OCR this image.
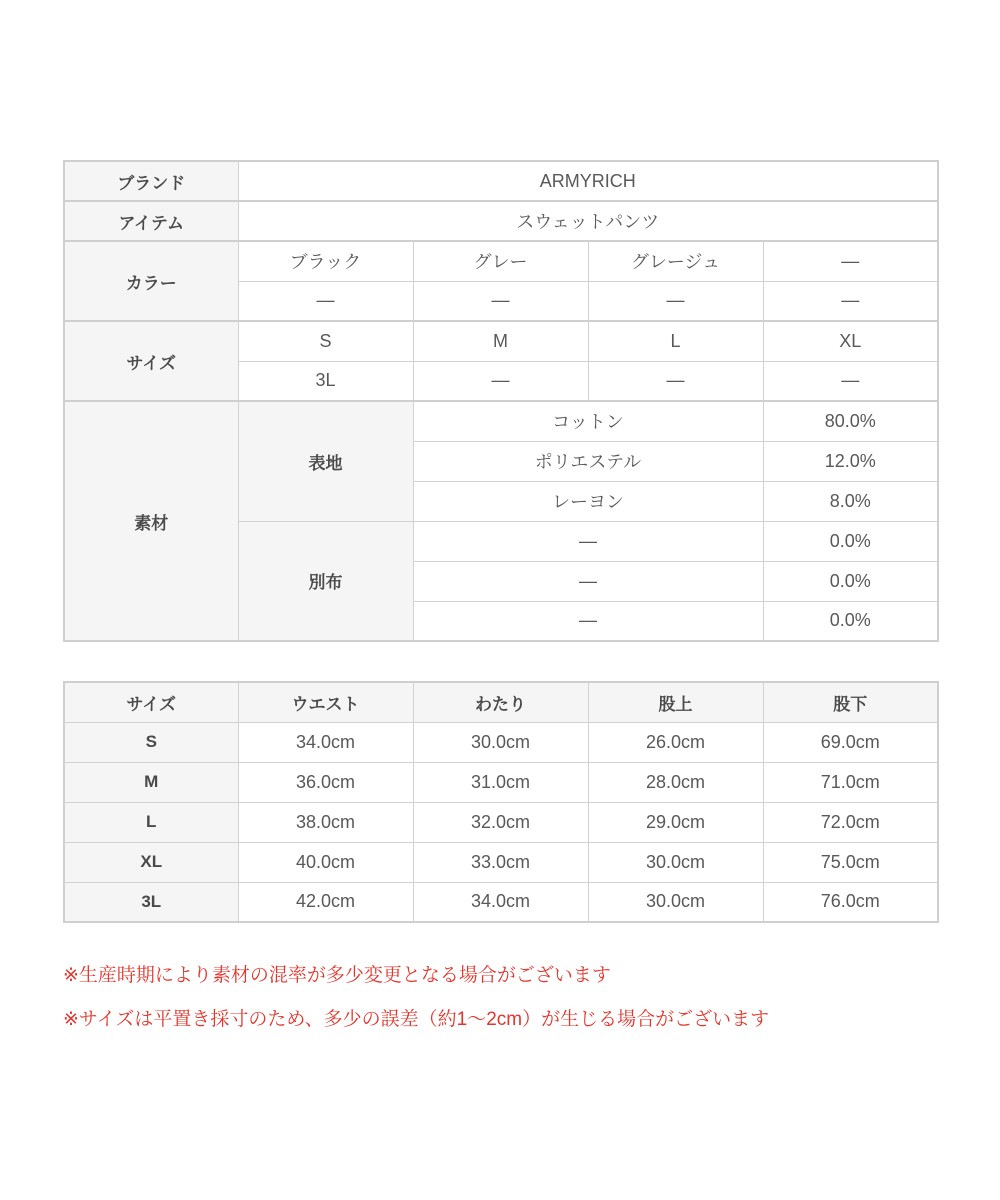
ブランド	ARMYRICH			
アイテム	スウェットパンツ			
カラー	ブラック	グレー	グレージュ	—
	—	—	—	—
サイズ	S	M	L	XL
	3L	—	—	—
素材	表地	コットン		80.0%
		ポリエステル		12.0%
		レーヨン		8.0%
	別布	—		0.0%
		—		0.0%
		—		0.0%
サイズ	ウエスト	わたり	股上	股下
S	34.0cm	30.0cm	26.0cm	69.0cm
M	36.0cm	31.0cm	28.0cm	71.0cm
L	38.0cm	32.0cm	29.0cm	72.0cm
XL	40.0cm	33.0cm	30.0cm	75.0cm
3L	42.0cm	34.0cm	30.0cm	76.0cm

※生産時期により素材の混率が多少変更となる場合がございます

※サイズは平置き採寸のため、多少の誤差（約1～2cm）が生じる場合がございます
